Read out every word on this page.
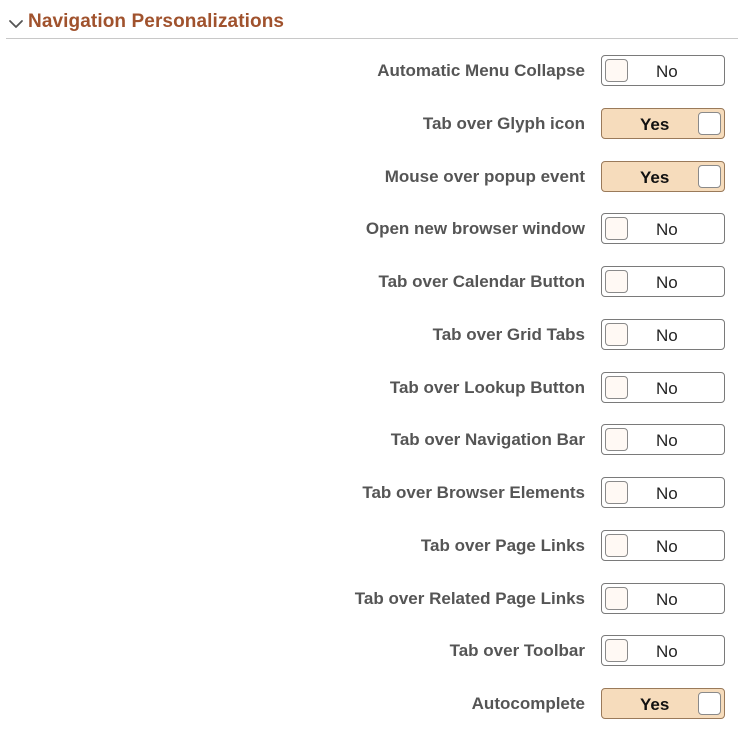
Navigation Personalizations
Automatic Menu Collapse	No
Tab over Glyph icon	Yes
Mouse over popup event	Yes
Open new browser window	No
Tab over Calendar Button	No
Tab over Grid Tabs	No
Tab over Lookup Button	No
Tab over Navigation Bar	No
Tab over Browser Elements	No
Tab over Page Links	No
Tab over Related Page Links	No
Tab over Toolbar	No
Autocomplete	Yes
